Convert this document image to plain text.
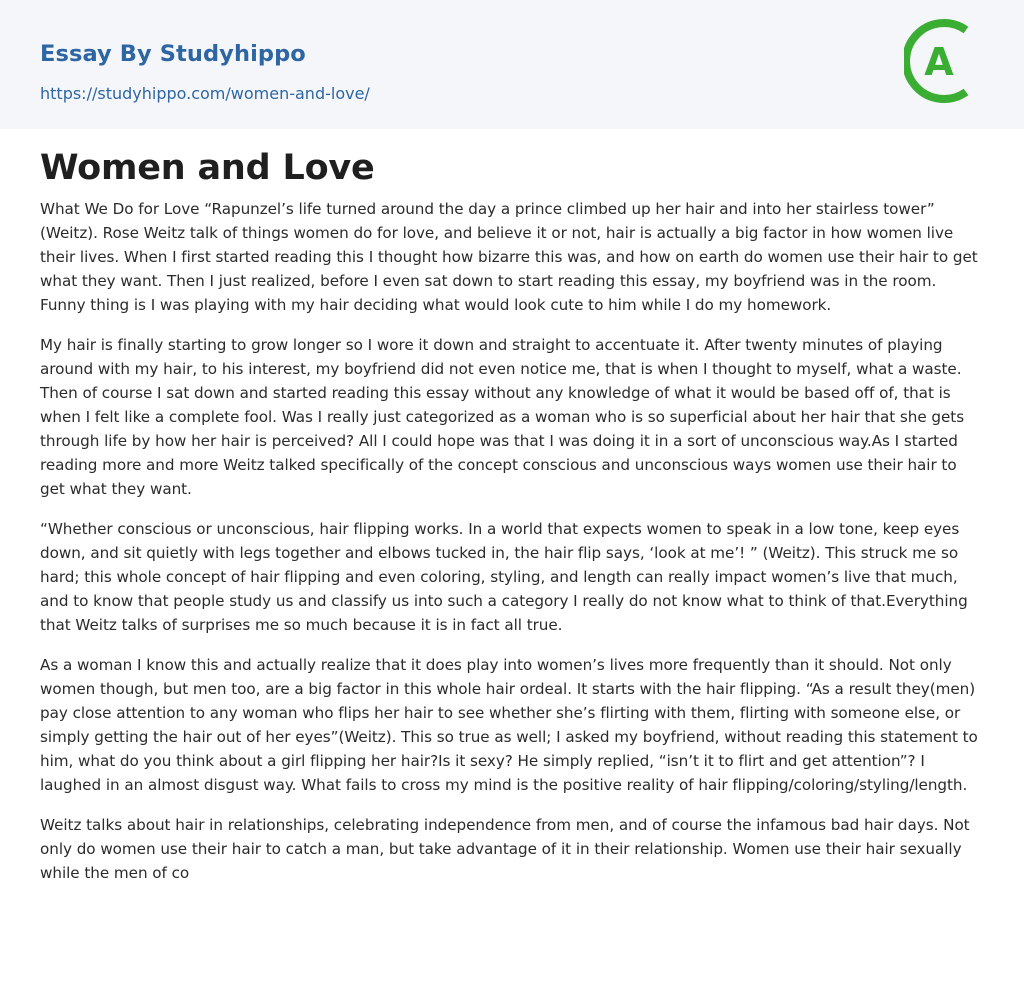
Essay By Studyhippo
https://studyhippo.com/women-and-love/
A
Women and Love

What We Do for Love “Rapunzel’s life turned around the day a prince climbed up her hair and into her stairless tower” (Weitz). Rose Weitz talk of things women do for love, and believe it or not, hair is actually a big factor in how women live their lives. When I first started reading this I thought how bizarre this was, and how on earth do women use their hair to get what they want. Then I just realized, before I even sat down to start reading this essay, my boyfriend was in the room. Funny thing is I was playing with my hair deciding what would look cute to him while I do my homework.

My hair is finally starting to grow longer so I wore it down and straight to accentuate it. After twenty minutes of playing around with my hair, to his interest, my boyfriend did not even notice me, that is when I thought to myself, what a waste. Then of course I sat down and started reading this essay without any knowledge of what it would be based off of, that is when I felt like a complete fool. Was I really just categorized as a woman who is so superficial about her hair that she gets through life by how her hair is perceived? All I could hope was that I was doing it in a sort of unconscious way.As I started reading more and more Weitz talked specifically of the concept conscious and unconscious ways women use their hair to get what they want.

“Whether conscious or unconscious, hair flipping works. In a world that expects women to speak in a low tone, keep eyes down, and sit quietly with legs together and elbows tucked in, the hair flip says, ‘look at me’! ” (Weitz). This struck me so hard; this whole concept of hair flipping and even coloring, styling, and length can really impact women’s live that much, and to know that people study us and classify us into such a category I really do not know what to think of that.Everything that Weitz talks of surprises me so much because it is in fact all true.

As a woman I know this and actually realize that it does play into women’s lives more frequently than it should. Not only women though, but men too, are a big factor in this whole hair ordeal. It starts with the hair flipping. “As a result they(men) pay close attention to any woman who flips her hair to see whether she’s flirting with them, flirting with someone else, or simply getting the hair out of her eyes”(Weitz). This so true as well; I asked my boyfriend, without reading this statement to him, what do you think about a girl flipping her hair?Is it sexy? He simply replied, “isn’t it to flirt and get attention”? I laughed in an almost disgust way. What fails to cross my mind is the positive reality of hair flipping/coloring/styling/length.

Weitz talks about hair in relationships, celebrating independence from men, and of course the infamous bad hair days. Not only do women use their hair to catch a man, but take advantage of it in their relationship. Women use their hair sexually while the men of co
